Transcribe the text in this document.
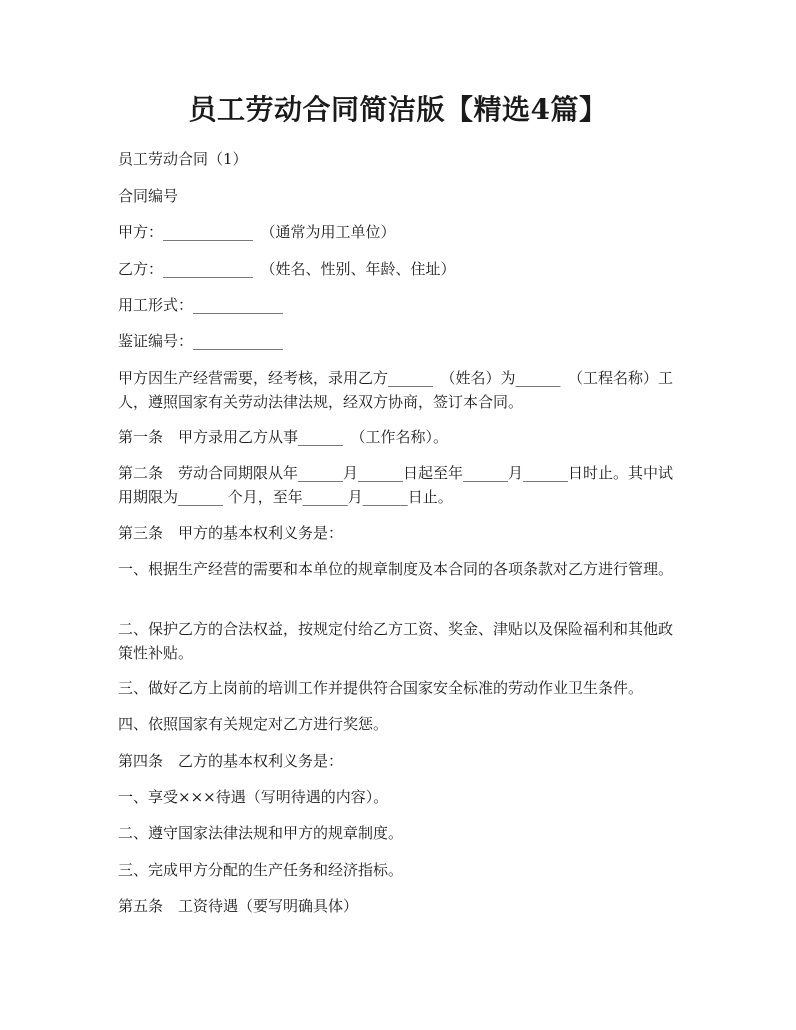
员工劳动合同简洁版【精选4篇】
员工劳动合同（1）
合同编号
甲方：____________　（通常为用工单位）
乙方：____________　（姓名、性别、年龄、住址）
用工形式：____________
鉴证编号：____________
甲方因生产经营需要，经考核，录用乙方______　（姓名）为______　（工程名称）工人，遵照国家有关劳动法律法规，经双方协商，签订本合同。
第一条　甲方录用乙方从事______　（工作名称）。
第二条　劳动合同期限从年______月______日起至年______月______日时止。其中试用期限为______ 个月，至年______月______日止。
第三条　甲方的基本权利义务是：
一、根据生产经营的需要和本单位的规章制度及本合同的各项条款对乙方进行管理。
二、保护乙方的合法权益，按规定付给乙方工资、奖金、津贴以及保险福利和其他政策性补贴。
三、做好乙方上岗前的培训工作并提供符合国家安全标准的劳动作业卫生条件。
四、依照国家有关规定对乙方进行奖惩。
第四条　乙方的基本权利义务是：
一、享受×××待遇（写明待遇的内容）。
二、遵守国家法律法规和甲方的规章制度。
三、完成甲方分配的生产任务和经济指标。
第五条　工资待遇（要写明确具体）
